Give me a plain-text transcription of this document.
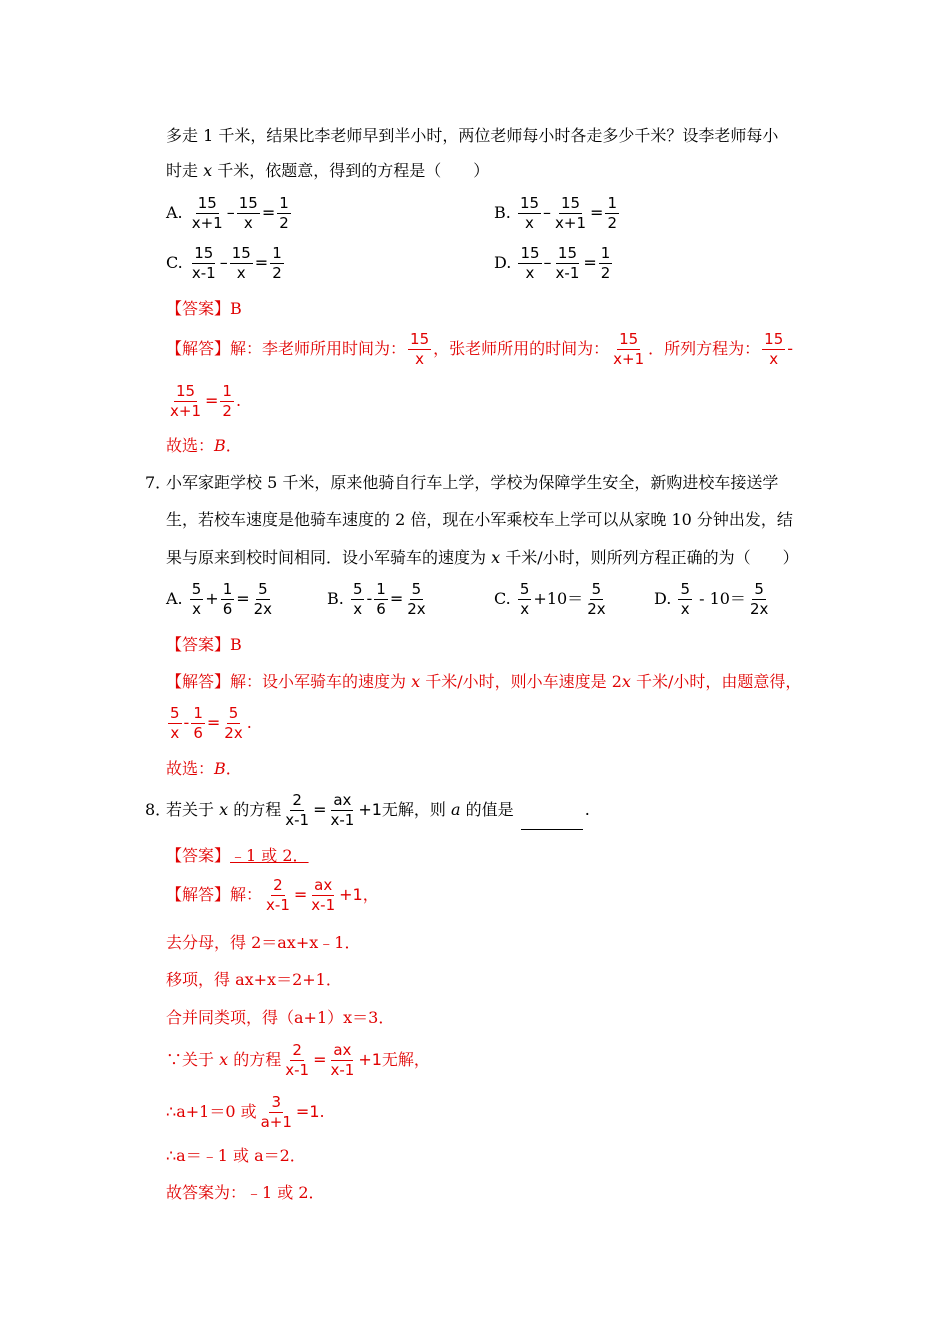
多走 1 千米，结果比李老师早到半小时，两位老师每小时各走多少千米？设李老师每小
时走 x 千米，依题意，得到的方程是（　　）
A. $\frac{15}{x+1} - \frac{15}{x} = \frac{1}{2}$	B. $\frac{15}{x} - \frac{15}{x+1} = \frac{1}{2}$
C. $\frac{15}{x-1} - \frac{15}{x} = \frac{1}{2}$	D. $\frac{15}{x} - \frac{15}{x-1} = \frac{1}{2}$
【答案】B
【解答】解：李老师所用时间为： $\frac{15}{x}$ ，张老师所用的时间为： $\frac{15}{x+1}$ ．所列方程为： $\frac{15}{x}$ -
$\frac{15}{x+1} = \frac{1}{2}$ .
故选：B．
7．
小军家距学校 5 千米，原来他骑自行车上学，学校为保障学生安全，新购进校车接送学
生，若校车速度是他骑车速度的 2 倍，现在小军乘校车上学可以从家晚 10 分钟出发，结
果与原来到校时间相同．设小军骑车的速度为 x 千米/小时，则所列方程正确的为（　　）
A. $\frac{5}{x} + \frac{1}{6} = \frac{5}{2x}$	B. $\frac{5}{x} - \frac{1}{6} = \frac{5}{2x}$	C. $\frac{5}{x} +10= \frac{5}{2x}$	D. $\frac{5}{x} - 10= \frac{5}{2x}$
【答案】B
【解答】解：设小军骑车的速度为 x 千米/小时，则小车速度是 2x 千米/小时，由题意得，
$\frac{5}{x} - \frac{1}{6} = \frac{5}{2x}$ .
故选：B．
8．
若关于 x 的方程 $\frac{2}{x-1} = \frac{ax}{x-1} +1$无解，则 a 的值是	.
【答案】﹣1 或 2．
【解答】解： $\frac{2}{x-1} = \frac{ax}{x-1} +1$，
去分母，得 2＝ax+x﹣1．
移项，得 ax+x＝2+1．
合并同类项，得（a+1）x＝3．
∵关于 x 的方程 $\frac{2}{x-1} = \frac{ax}{x-1} +1$无解，
∴a+1＝0 或 $\frac{3}{a+1} =1$.
∴a＝﹣1 或 a＝2．
故答案为：﹣1 或 2．
